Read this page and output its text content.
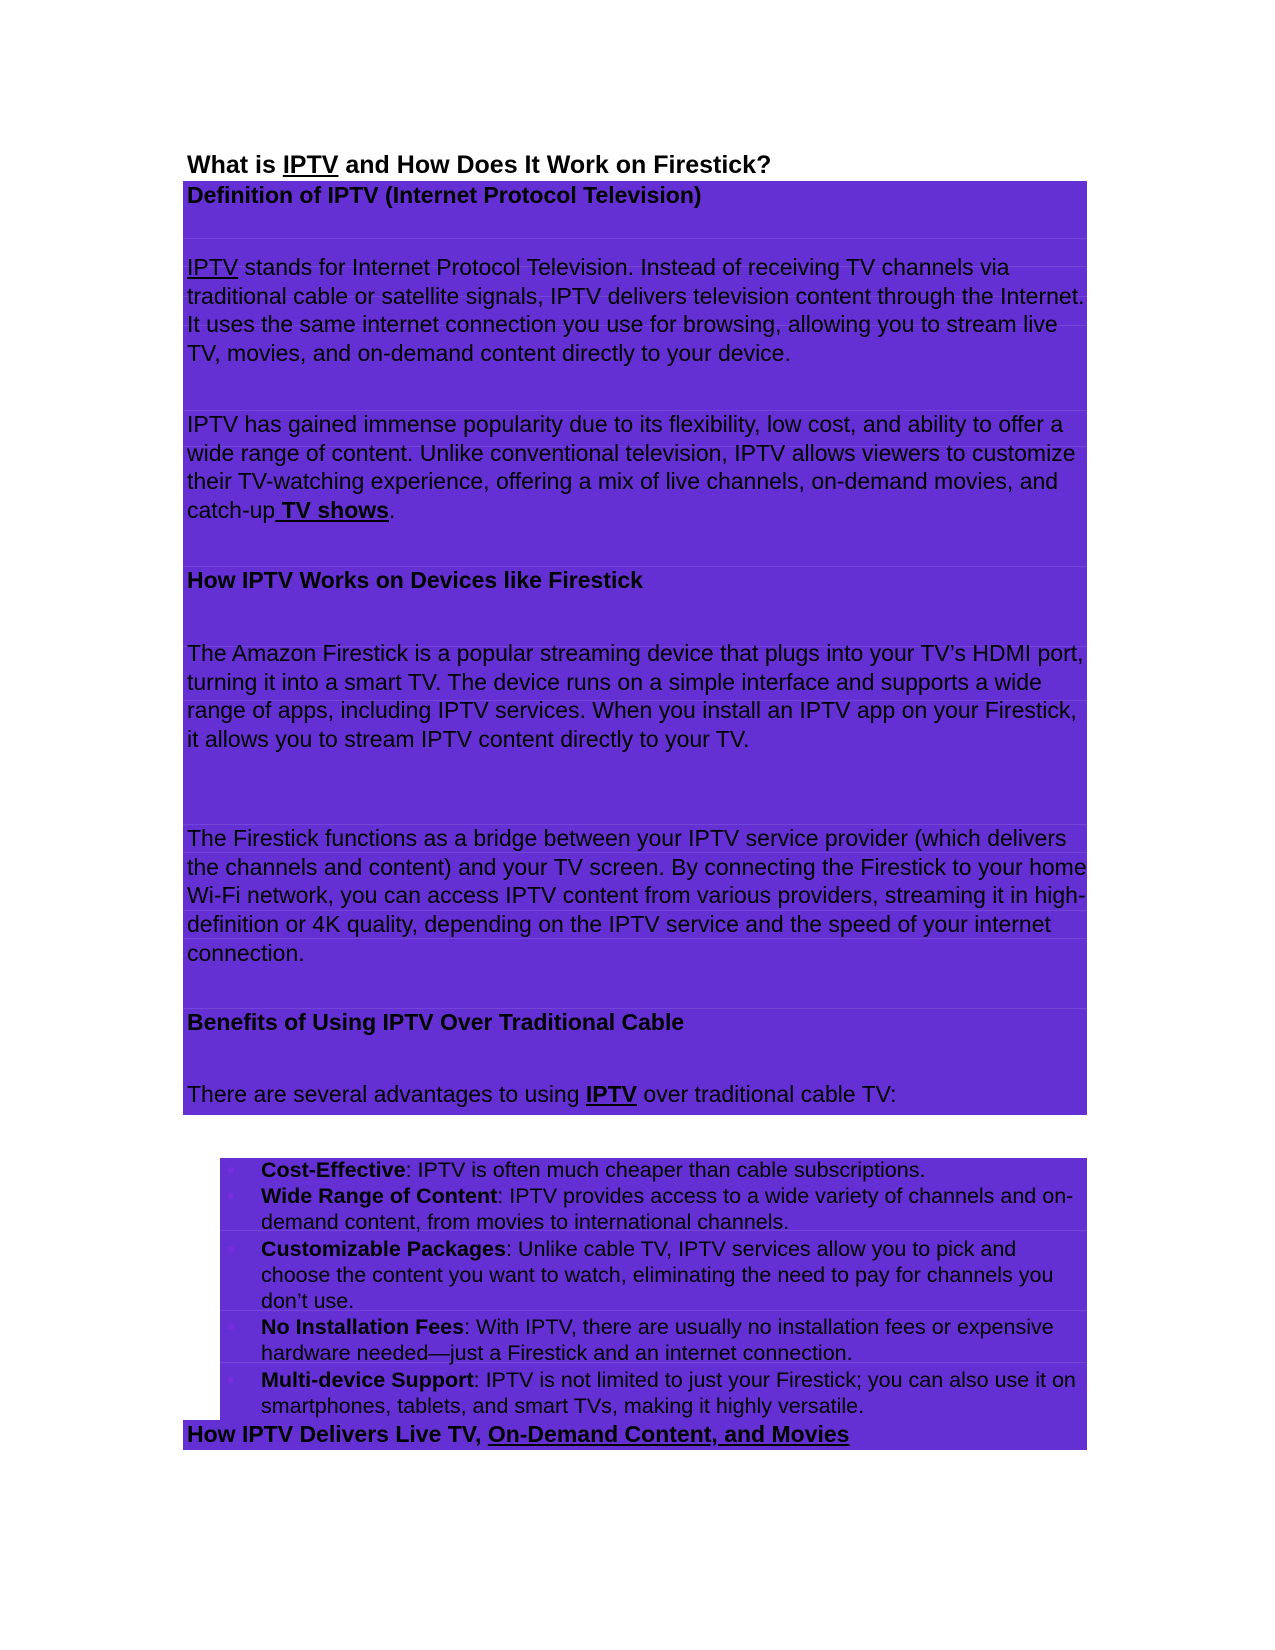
What is IPTV and How Does It Work on Firestick?
Definition of IPTV (Internet Protocol Television)

IPTV stands for Internet Protocol Television. Instead of receiving TV channels via traditional cable or satellite signals, IPTV delivers television content through the Internet. It uses the same internet connection you use for browsing, allowing you to stream live TV, movies, and on-demand content directly to your device.

IPTV has gained immense popularity due to its flexibility, low cost, and ability to offer a wide range of content. Unlike conventional television, IPTV allows viewers to customize their TV-watching experience, offering a mix of live channels, on-demand movies, and catch-up TV shows.

How IPTV Works on Devices like Firestick

The Amazon Firestick is a popular streaming device that plugs into your TV’s HDMI port, turning it into a smart TV. The device runs on a simple interface and supports a wide range of apps, including IPTV services. When you install an IPTV app on your Firestick, it allows you to stream IPTV content directly to your TV.

The Firestick functions as a bridge between your IPTV service provider (which delivers the channels and content) and your TV screen. By connecting the Firestick to your home Wi-Fi network, you can access IPTV content from various providers, streaming it in high-definition or 4K quality, depending on the IPTV service and the speed of your internet connection.

Benefits of Using IPTV Over Traditional Cable

There are several advantages to using IPTV over traditional cable TV:

Cost-Effective: IPTV is often much cheaper than cable subscriptions.
Wide Range of Content: IPTV provides access to a wide variety of channels and on-demand content, from movies to international channels.
Customizable Packages: Unlike cable TV, IPTV services allow you to pick and choose the content you want to watch, eliminating the need to pay for channels you don’t use.
No Installation Fees: With IPTV, there are usually no installation fees or expensive hardware needed—just a Firestick and an internet connection.
Multi-device Support: IPTV is not limited to just your Firestick; you can also use it on smartphones, tablets, and smart TVs, making it highly versatile.
How IPTV Delivers Live TV, On-Demand Content, and Movies
